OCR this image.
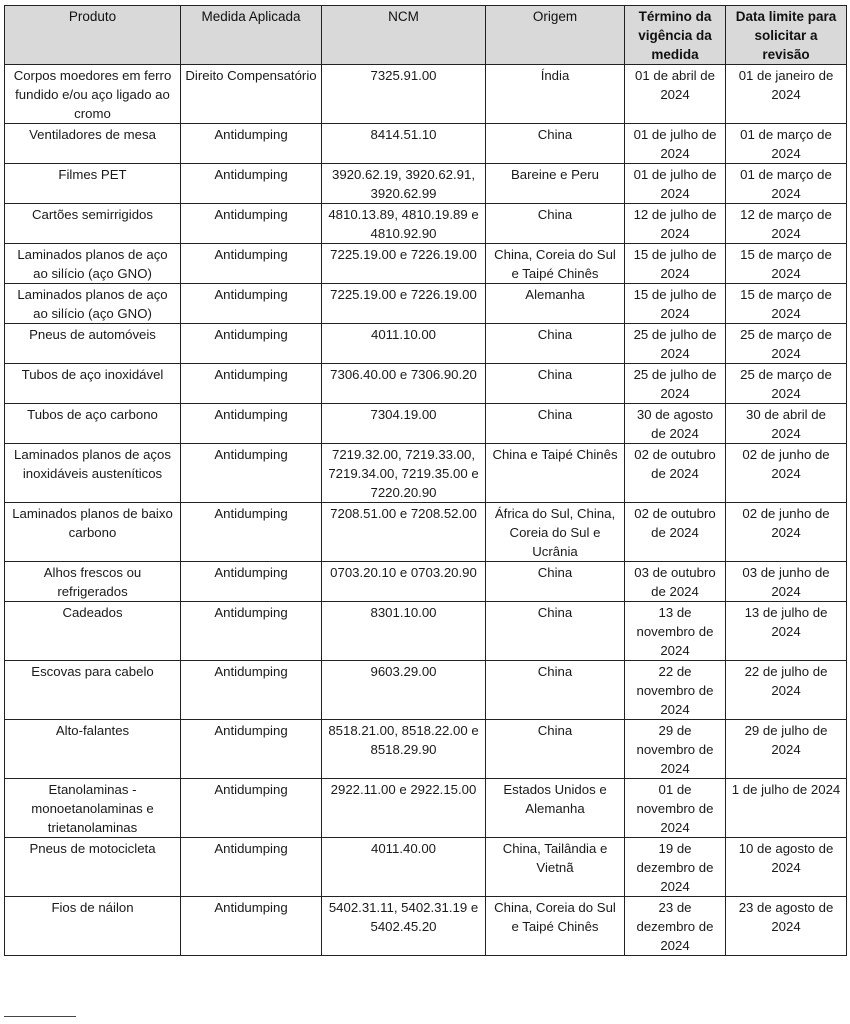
Produto	Medida Aplicada	NCM	Origem	Término da vigência da medida	Data limite para solicitar a revisão
Corpos moedores em ferro fundido e/ou aço ligado ao cromo	Direito Compensatório	7325.91.00	Índia	01 de abril de 2024	01 de janeiro de 2024
Ventiladores de mesa	Antidumping	8414.51.10	China	01 de julho de 2024	01 de março de 2024
Filmes PET	Antidumping	3920.62.19, 3920.62.91, 3920.62.99	Bareine e Peru	01 de julho de 2024	01 de março de 2024
Cartões semirrigidos	Antidumping	4810.13.89, 4810.19.89 e 4810.92.90	China	12 de julho de 2024	12 de março de 2024
Laminados planos de aço ao silício (aço GNO)	Antidumping	7225.19.00 e 7226.19.00	China, Coreia do Sul e Taipé Chinês	15 de julho de 2024	15 de março de 2024
Laminados planos de aço ao silício (aço GNO)	Antidumping	7225.19.00 e 7226.19.00	Alemanha	15 de julho de 2024	15 de março de 2024
Pneus de automóveis	Antidumping	4011.10.00	China	25 de julho de 2024	25 de março de 2024
Tubos de aço inoxidável	Antidumping	7306.40.00 e 7306.90.20	China	25 de julho de 2024	25 de março de 2024
Tubos de aço carbono	Antidumping	7304.19.00	China	30 de agosto de 2024	30 de abril de 2024
Laminados planos de aços inoxidáveis austeníticos	Antidumping	7219.32.00, 7219.33.00, 7219.34.00, 7219.35.00 e 7220.20.90	China e Taipé Chinês	02 de outubro de 2024	02 de junho de 2024
Laminados planos de baixo carbono	Antidumping	7208.51.00 e 7208.52.00	África do Sul, China, Coreia do Sul e Ucrânia	02 de outubro de 2024	02 de junho de 2024
Alhos frescos ou refrigerados	Antidumping	0703.20.10 e 0703.20.90	China	03 de outubro de 2024	03 de junho de 2024
Cadeados	Antidumping	8301.10.00	China	13 de novembro de 2024	13 de julho de 2024
Escovas para cabelo	Antidumping	9603.29.00	China	22 de novembro de 2024	22 de julho de 2024
Alto-falantes	Antidumping	8518.21.00, 8518.22.00 e 8518.29.90	China	29 de novembro de 2024	29 de julho de 2024
Etanolaminas - monoetanolaminas e trietanolaminas	Antidumping	2922.11.00 e 2922.15.00	Estados Unidos e Alemanha	01 de novembro de 2024	1 de julho de 2024
Pneus de motocicleta	Antidumping	4011.40.00	China, Tailândia e Vietnã	19 de dezembro de 2024	10 de agosto de 2024
Fios de náilon	Antidumping	5402.31.11, 5402.31.19 e 5402.45.20	China, Coreia do Sul e Taipé Chinês	23 de dezembro de 2024	23 de agosto de 2024
